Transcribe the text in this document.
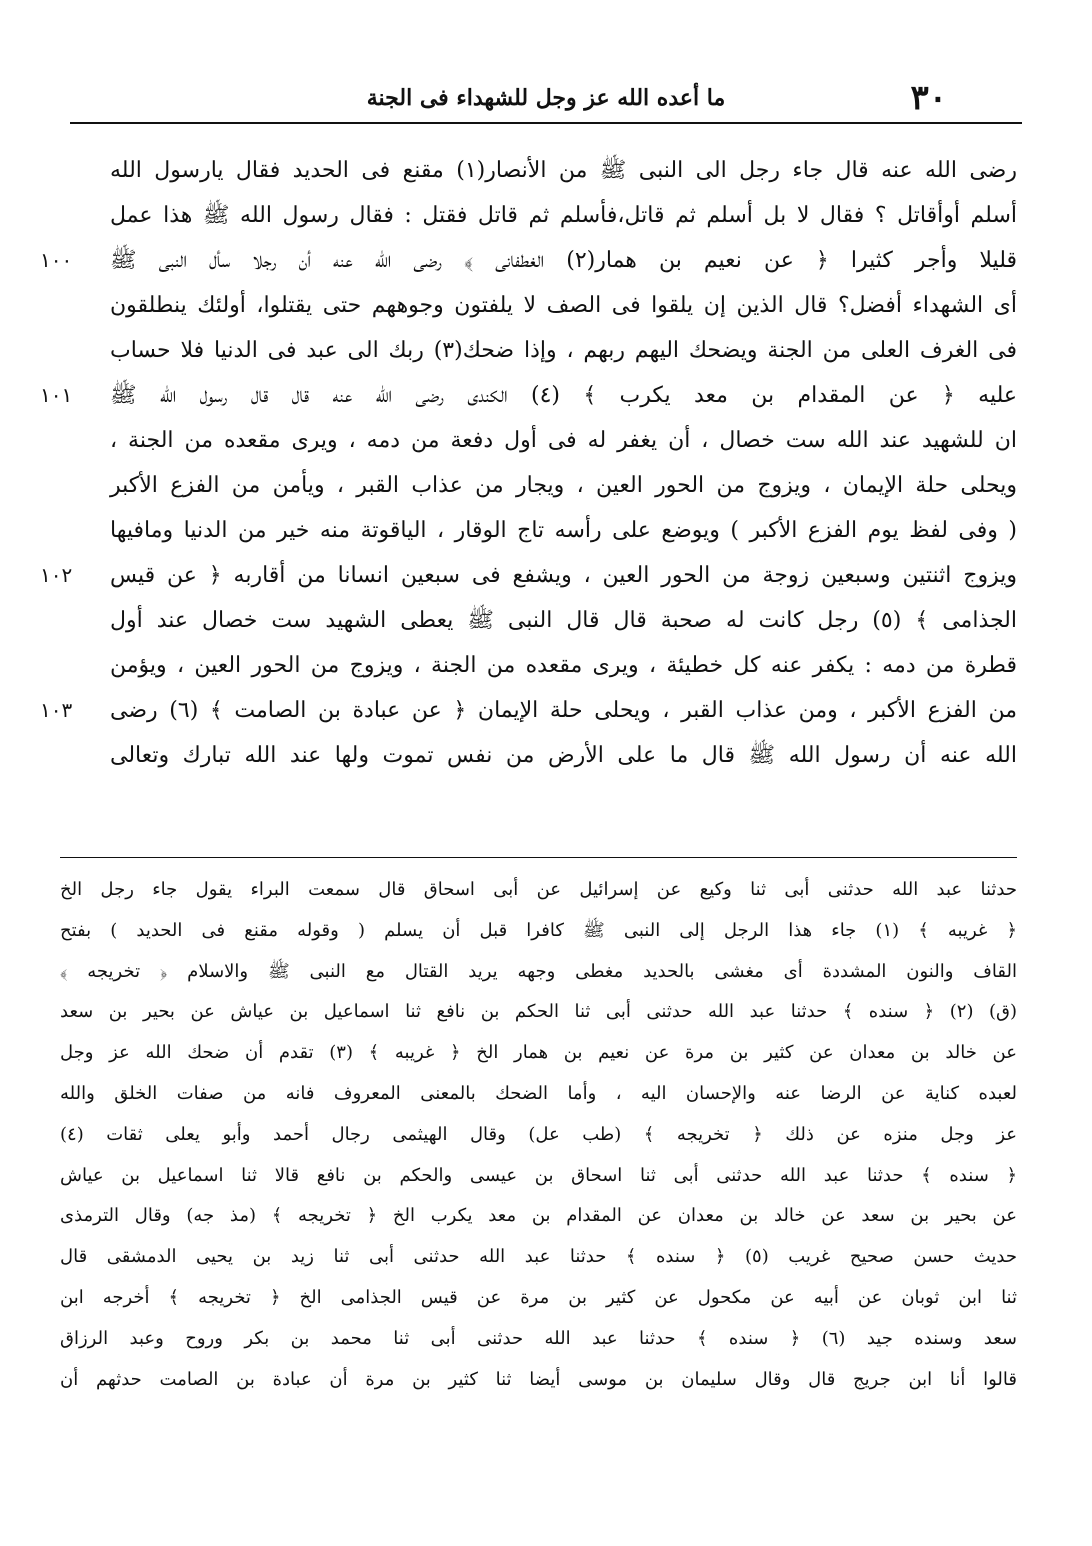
٣٠
ما أعده الله عز وجل للشهداء فى الجنة
رضى الله عنه قال جاء رجل الى النبى ﷺ من الأنصار(١) مقنع فى الحديد فقال يارسول الله
أسلم أوأقاتل ؟ فقال لا بل أسلم ثم قاتل،فأسلم ثم قاتل فقتل : فقال رسول الله ﷺ هذا عمل
١٠٠	قليلا وأجر كثيرا ﴿ عن نعيم بن همار(٢) الغطفانى ﴾ رضى الله عنه أن رجلا سأل النبى ﷺ
أى الشهداء أفضل؟ قال الذين إن يلقوا فى الصف لا يلفتون وجوههم حتى يقتلوا، أولئك ينطلقون
فى الغرف العلى من الجنة ويضحك اليهم ربهم ، وإذا ضحك(٣) ربك الى عبد فى الدنيا فلا حساب
١٠١	عليه ﴿ عن المقدام بن معد يكرب ﴾ (٤) الكندى رضى الله عنه قال قال رسول الله ﷺ
ان للشهيد عند الله ست خصال ، أن يغفر له فى أول دفعة من دمه ، ويرى مقعده من الجنة ،
ويحلى حلة الإيمان ، ويزوج من الحور العين ، ويجار من عذاب القبر ، ويأمن من الفزع الأكبر
( وفى لفظ يوم الفزع الأكبر ) ويوضع على رأسه تاج الوقار ، الياقوتة منه خير من الدنيا ومافيها
١٠٢	ويزوج اثنتين وسبعين زوجة من الحور العين ، ويشفع فى سبعين انسانا من أقاربه ﴿ عن قيس
الجذامى ﴾ (٥) رجل كانت له صحبة قال قال النبى ﷺ يعطى الشهيد ست خصال عند أول
قطرة من دمه : يكفر عنه كل خطيئة ، ويرى مقعده من الجنة ، ويزوج من الحور العين ، ويؤمن
١٠٣	من الفزع الأكبر ، ومن عذاب القبر ، ويحلى حلة الإيمان ﴿ عن عبادة بن الصامت ﴾ (٦) رضى
الله عنه أن رسول الله ﷺ قال ما على الأرض من نفس تموت ولها عند الله تبارك وتعالى
حدثنا عبد الله حدثنى أبى ثنا وكيع عن إسرائيل عن أبى اسحاق قال سمعت البراء يقول جاء رجل الخ
﴿ غريبه ﴾ (١) جاء هذا الرجل إلى النبى ﷺ كافرا قبل أن يسلم ( وقوله مقنع فى الحديد ) بفتح
القاف والنون المشددة أى مغشى بالحديد مغطى وجهه يريد القتال مع النبى ﷺ والاسلام ﴿ تخريجه ﴾
(ق) (٢) ﴿ سنده ﴾ حدثنا عبد الله حدثنى أبى ثنا الحكم بن نافع ثنا اسماعيل بن عياش عن بحير بن سعد
عن خالد بن معدان عن كثير بن مرة عن نعيم بن همار الخ ﴿ غريبه ﴾ (٣) تقدم أن ضحك الله عز وجل
لعبده كناية عن الرضا عنه والإحسان اليه ، وأما الضحك بالمعنى المعروف فانه من صفات الخلق والله
عز وجل منزه عن ذلك ﴿ تخريجه ﴾ (طب عل) وقال الهيثمى رجال أحمد وأبو يعلى ثقات (٤)
﴿ سنده ﴾ حدثنا عبد الله حدثنى أبى ثنا اسحاق بن عيسى والحكم بن نافع قالا ثنا اسماعيل بن عياش
عن بحير بن سعد عن خالد بن معدان عن المقدام بن معد يكرب الخ ﴿ تخريجه ﴾ (مذ جه) وقال الترمذى
حديث حسن صحيح غريب (٥) ﴿ سنده ﴾ حدثنا عبد الله حدثنى أبى ثنا زيد بن يحيى الدمشقى قال
ثنا ابن ثوبان عن أبيه عن مكحول عن كثير بن مرة عن قيس الجذامى الخ ﴿ تخريجه ﴾ أخرجه ابن
سعد وسنده جيد (٦) ﴿ سنده ﴾ حدثنا عبد الله حدثنى أبى ثنا محمد بن بكر وروح وعبد الرزاق
قالوا أنا ابن جريج قال وقال سليمان بن موسى أيضا ثنا كثير بن مرة أن عبادة بن الصامت حدثهم أن
